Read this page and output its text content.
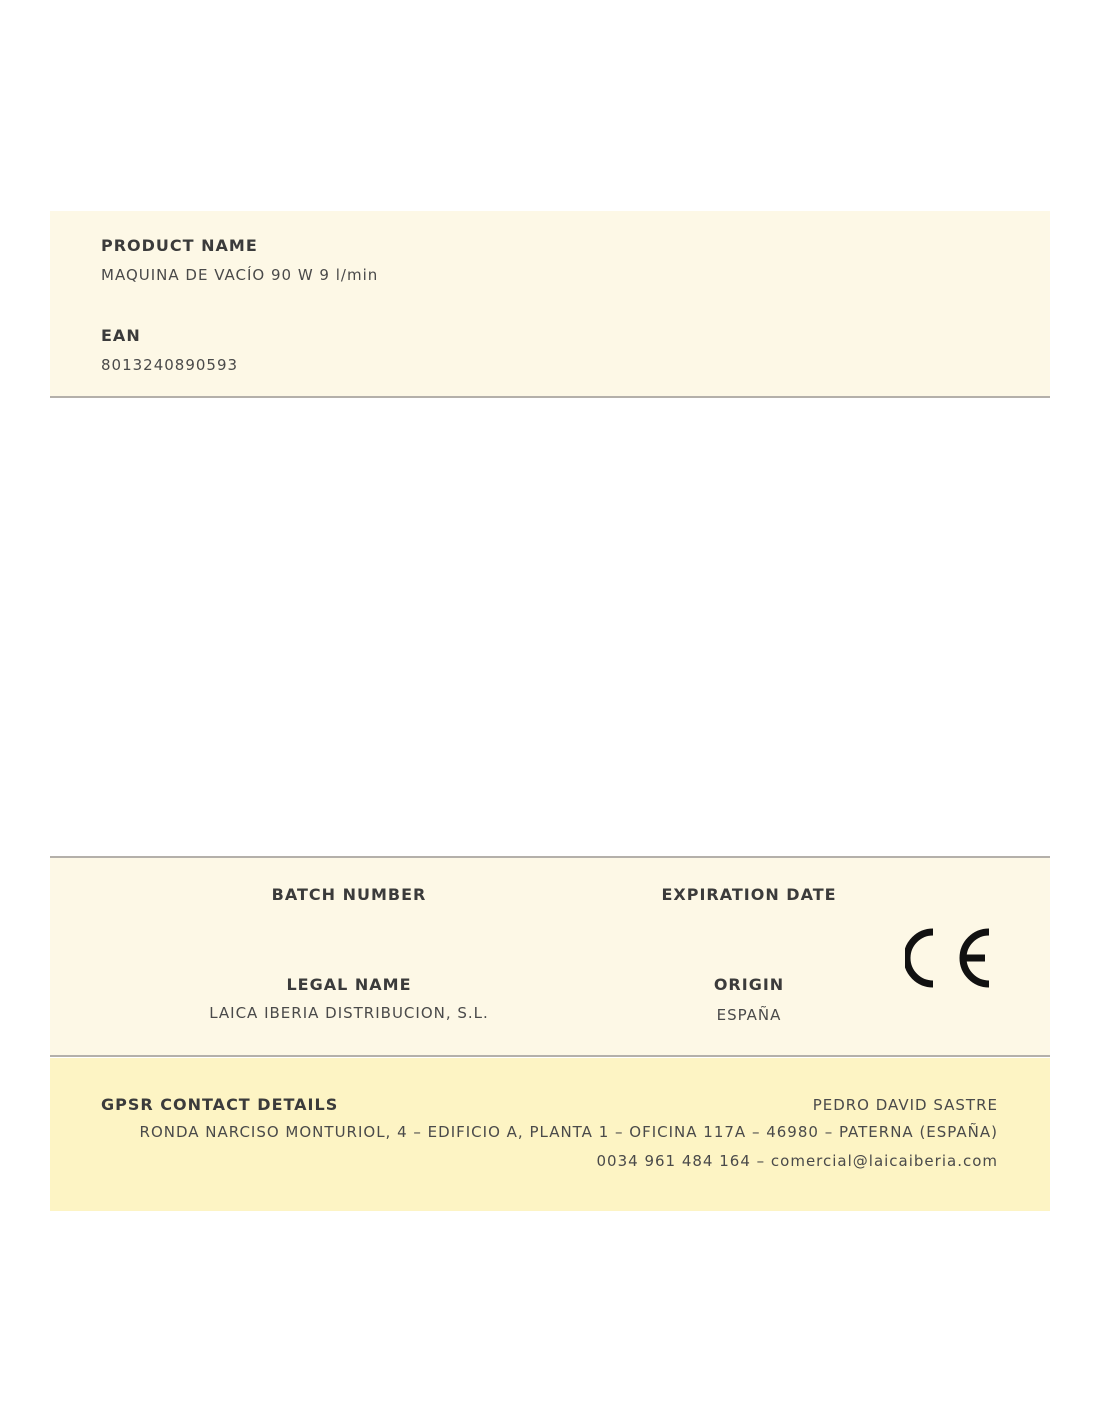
PRODUCT NAME
MAQUINA DE VACÍO 90 W 9 l/min
EAN
8013240890593
BATCH NUMBER	EXPIRATION DATE
LEGAL NAME
LAICA IBERIA DISTRIBUCION, S.L.
ORIGIN
ESPAÑA
GPSR CONTACT DETAILS	PEDRO DAVID SASTRE
RONDA NARCISO MONTURIOL, 4 – EDIFICIO A, PLANTA 1 – OFICINA 117A – 46980 – PATERNA (ESPAÑA)
0034 961 484 164 – comercial@laicaiberia.com
